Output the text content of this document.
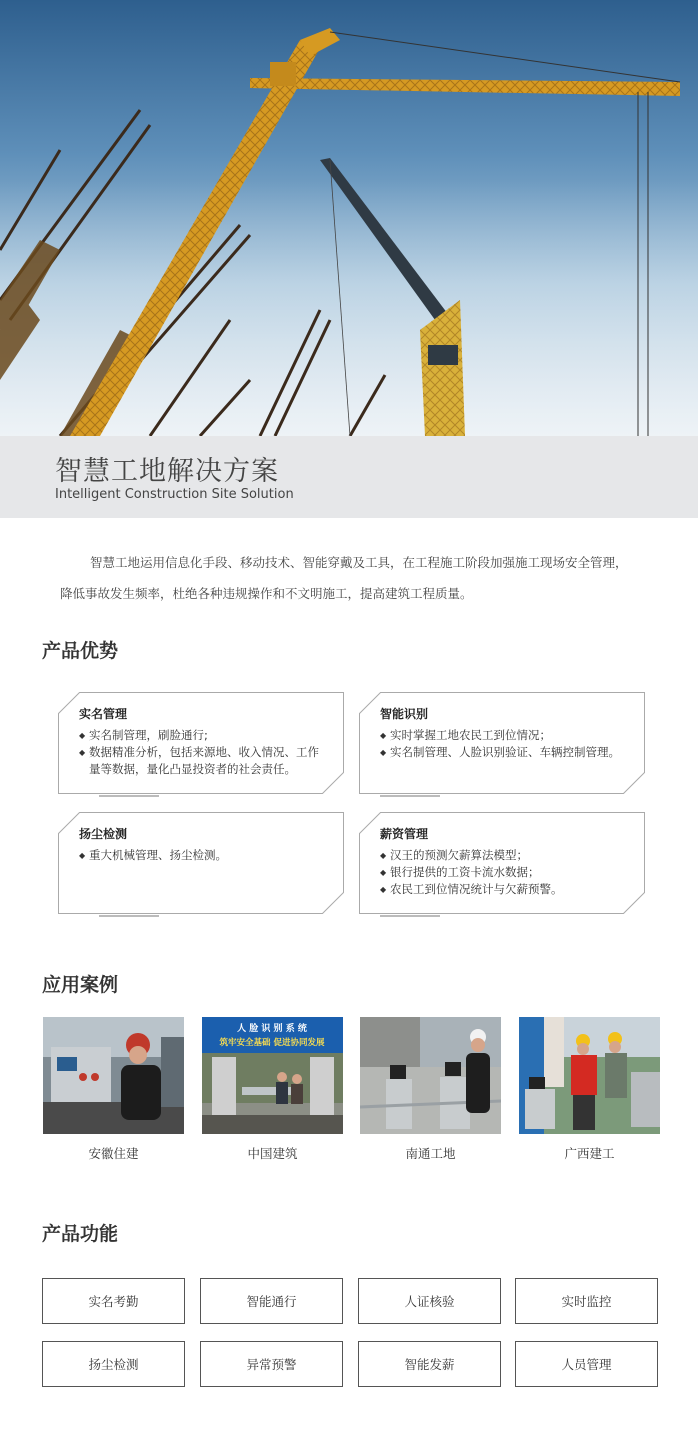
智慧工地解决方案
Intelligent Construction Site Solution

智慧工地运用信息化手段、移动技术、智能穿戴及工具，在工程施工阶段加强施工现场安全管理，

降低事故发生频率，杜绝各种违规操作和不文明施工，提高建筑工程质量。

产品优势
实名管理
◆ 实名制管理，刷脸通行;
◆ 数据精准分析，包括来源地、收入情况、工作量等数据，量化凸显投资者的社会责任。
智能识别
◆ 实时掌握工地农民工到位情况；
◆ 实名制管理、人脸识别验证、车辆控制管理。
扬尘检测
◆ 重大机械管理、扬尘检测。
薪资管理
◆ 汉王的预测欠薪算法模型；
◆ 银行提供的工资卡流水数据；
◆ 农民工到位情况统计与欠薪预警。
应用案例
安徽住建
人 脸 识 别 系 统
筑牢安全基础 促进协同发展
中国建筑	南通工地	广西建工
产品功能
实名考勤	智能通行	人证核验	实时监控
扬尘检测	异常预警	智能发薪	人员管理
